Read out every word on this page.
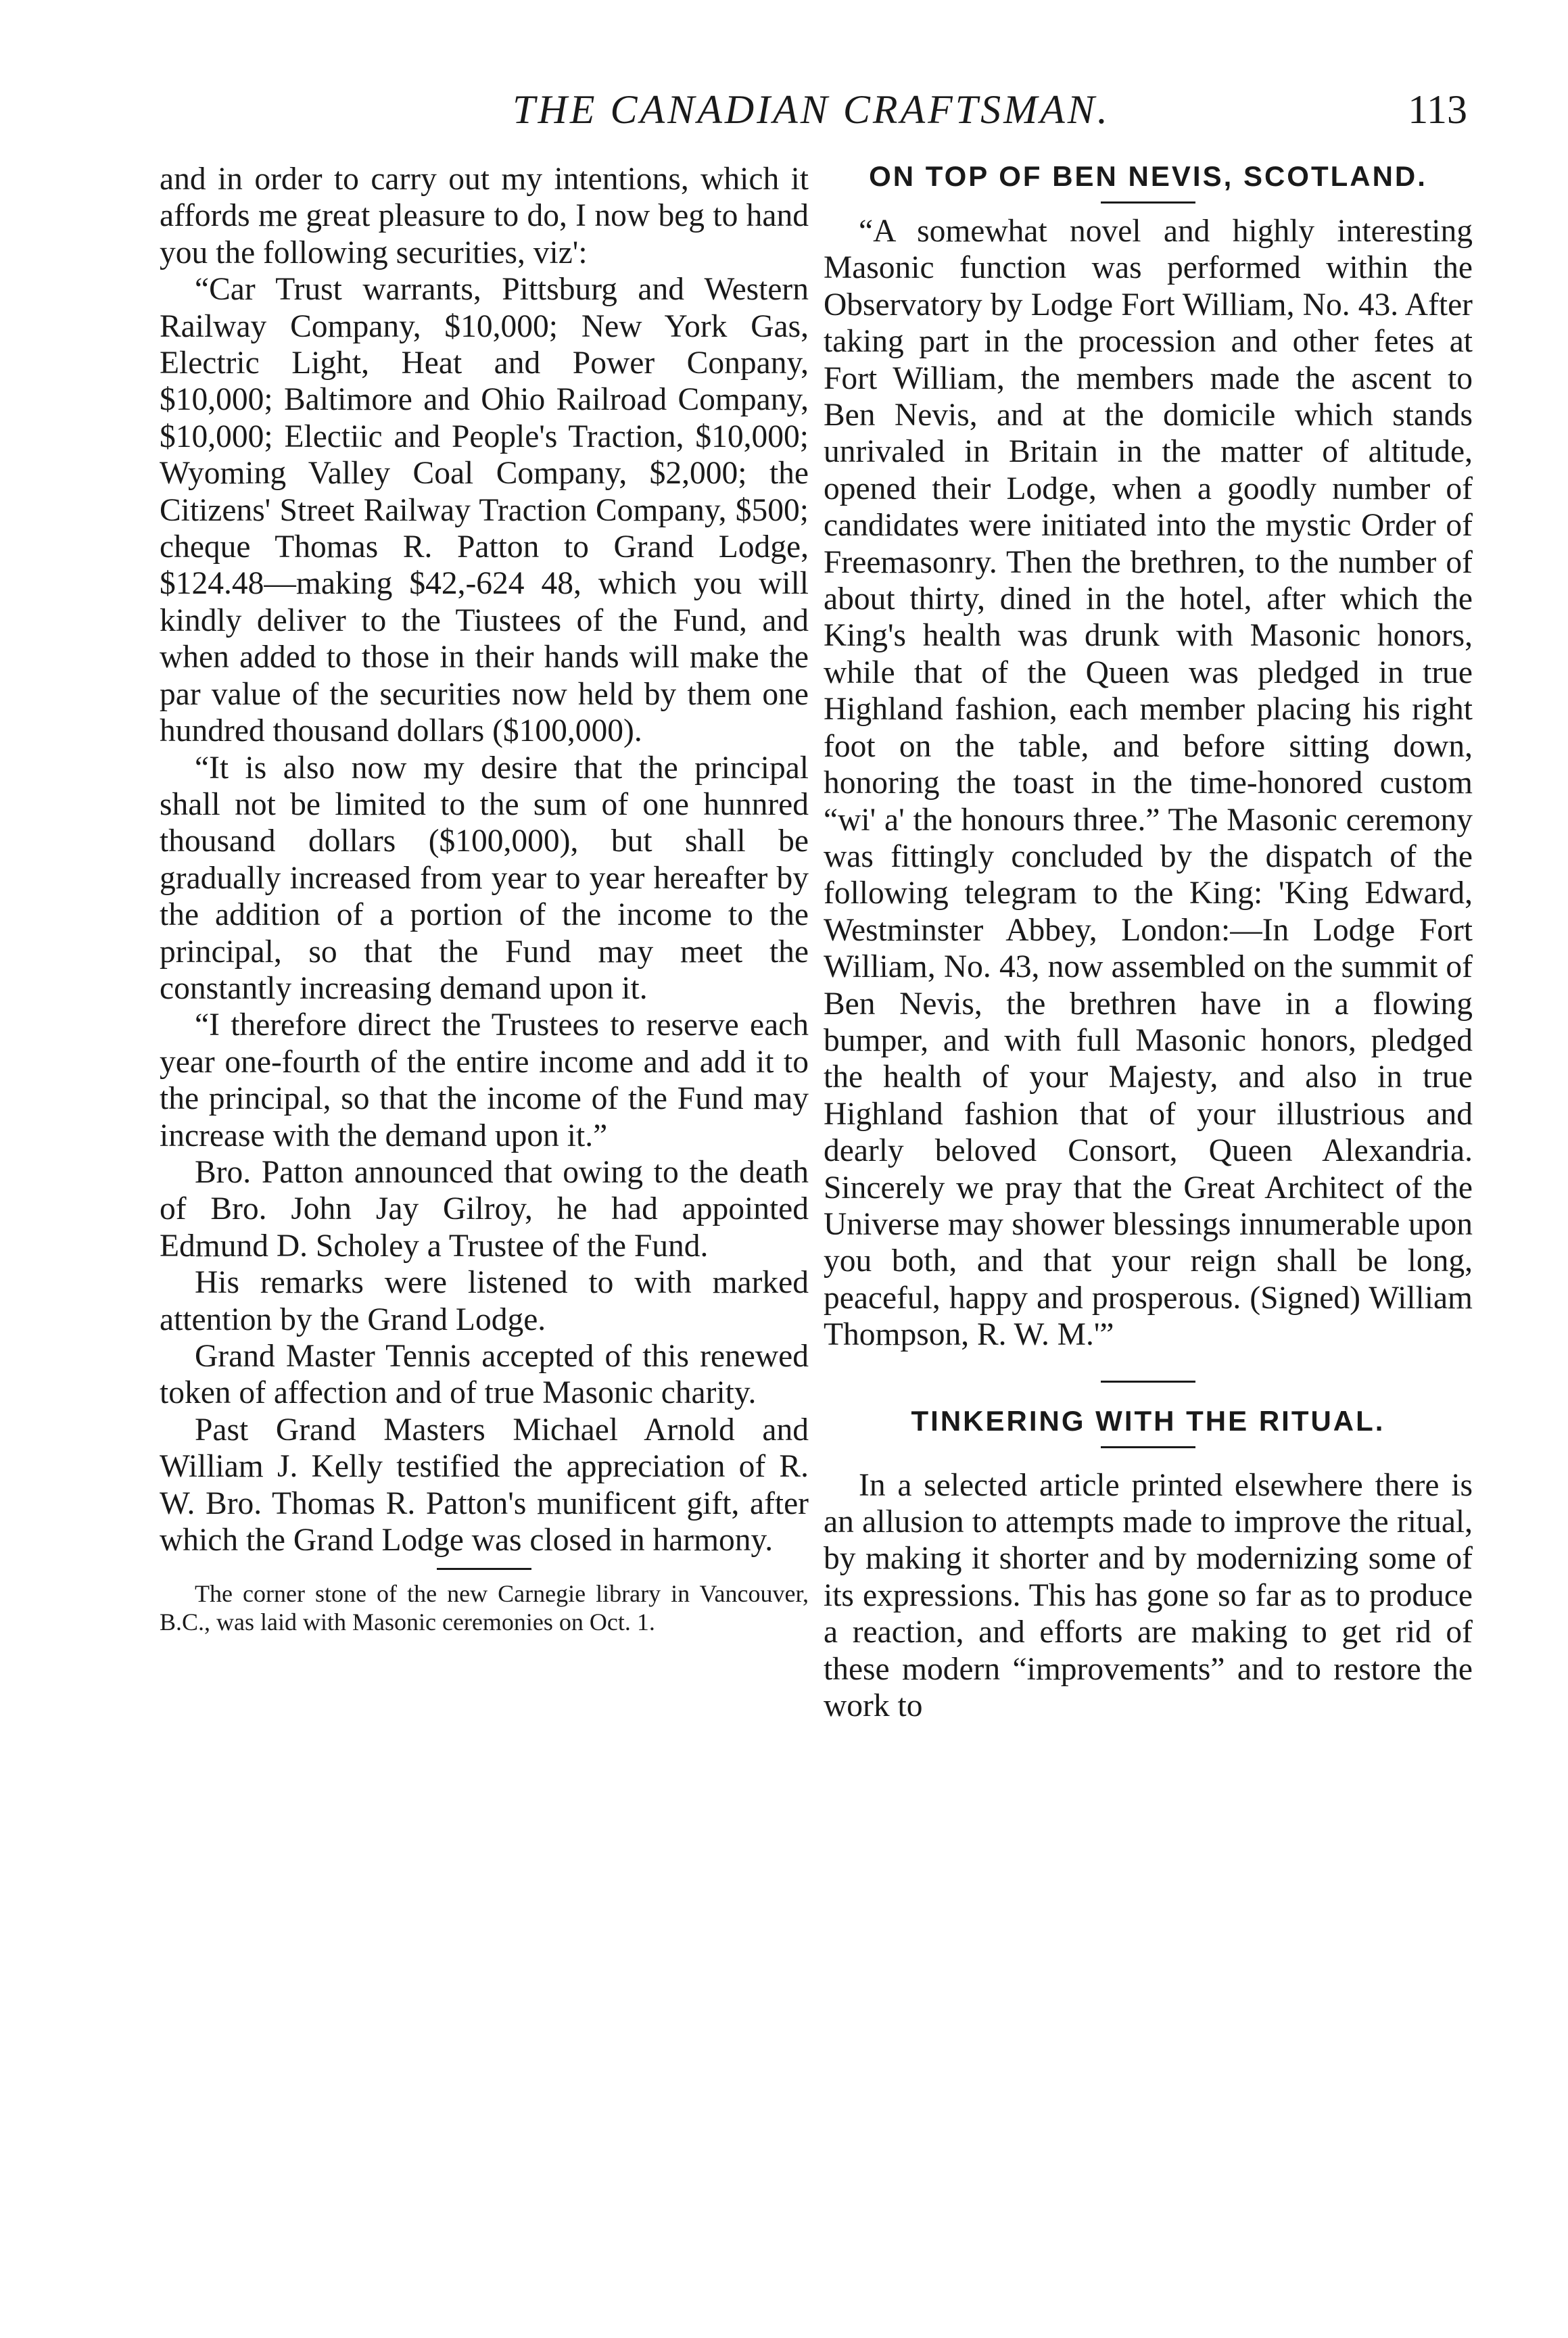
THE CANADIAN CRAFTSMAN.	113

and in order to carry out my intentions, which it affords me great pleasure to do, I now beg to hand you the following securities, viz':

“Car Trust warrants, Pittsburg and Western Railway Company, $10,000; New York Gas, Electric Light, Heat and Power Conpany, $10,000; Baltimore and Ohio Railroad Company, $10,000; Electiic and People's Traction, $10,000; Wyoming Valley Coal Company, $2,000; the Citizens' Street Railway Traction Company, $500; cheque Thomas R. Patton to Grand Lodge, $124.48—making $42,-624 48, which you will kindly deliver to the Tiustees of the Fund, and when added to those in their hands will make the par value of the securities now held by them one hundred thousand dollars ($100,000).

“It is also now my desire that the principal shall not be limited to the sum of one hunnred thousand dollars ($100,000), but shall be gradually increased from year to year hereafter by the addition of a portion of the income to the principal, so that the Fund may meet the constantly increasing demand upon it.

“I therefore direct the Trustees to reserve each year one-fourth of the entire income and add it to the principal, so that the income of the Fund may increase with the demand upon it.”

Bro. Patton announced that owing to the death of Bro. John Jay Gilroy, he had appointed Edmund D. Scholey a Trustee of the Fund.

His remarks were listened to with marked attention by the Grand Lodge.

Grand Master Tennis accepted of this renewed token of affection and of true Masonic charity.

Past Grand Masters Michael Arnold and William J. Kelly testified the appreciation of R. W. Bro. Thomas R. Patton's munificent gift, after which the Grand Lodge was closed in harmony.

The corner stone of the new Carnegie library in Vancouver, B.C., was laid with Masonic ceremonies on Oct. 1.

ON TOP OF BEN NEVIS, SCOTLAND.

“A somewhat novel and highly interesting Masonic function was performed within the Observatory by Lodge Fort William, No. 43. After taking part in the procession and other fetes at Fort William, the members made the ascent to Ben Nevis, and at the domicile which stands unrivaled in Britain in the matter of altitude, opened their Lodge, when a goodly number of candidates were initiated into the mystic Order of Freemasonry. Then the brethren, to the number of about thirty, dined in the hotel, after which the King's health was drunk with Masonic honors, while that of the Queen was pledged in true Highland fashion, each member placing his right foot on the table, and before sitting down, honoring the toast in the time-honored custom “wi' a' the honours three.” The Masonic ceremony was fittingly concluded by the dispatch of the following telegram to the King: 'King Edward, Westminster Abbey, London:—In Lodge Fort William, No. 43, now assembled on the summit of Ben Nevis, the brethren have in a flowing bumper, and with full Masonic honors, pledged the health of your Majesty, and also in true Highland fashion that of your illustrious and dearly beloved Consort, Queen Alexandria. Sincerely we pray that the Great Architect of the Universe may shower blessings innumerable upon you both, and that your reign shall be long, peaceful, happy and prosperous. (Signed) William Thompson, R. W. M.'”

TINKERING WITH THE RITUAL.

In a selected article printed elsewhere there is an allusion to attempts made to improve the ritual, by making it shorter and by modernizing some of its expressions. This has gone so far as to produce a reaction, and efforts are making to get rid of these modern “improvements” and to restore the work to
